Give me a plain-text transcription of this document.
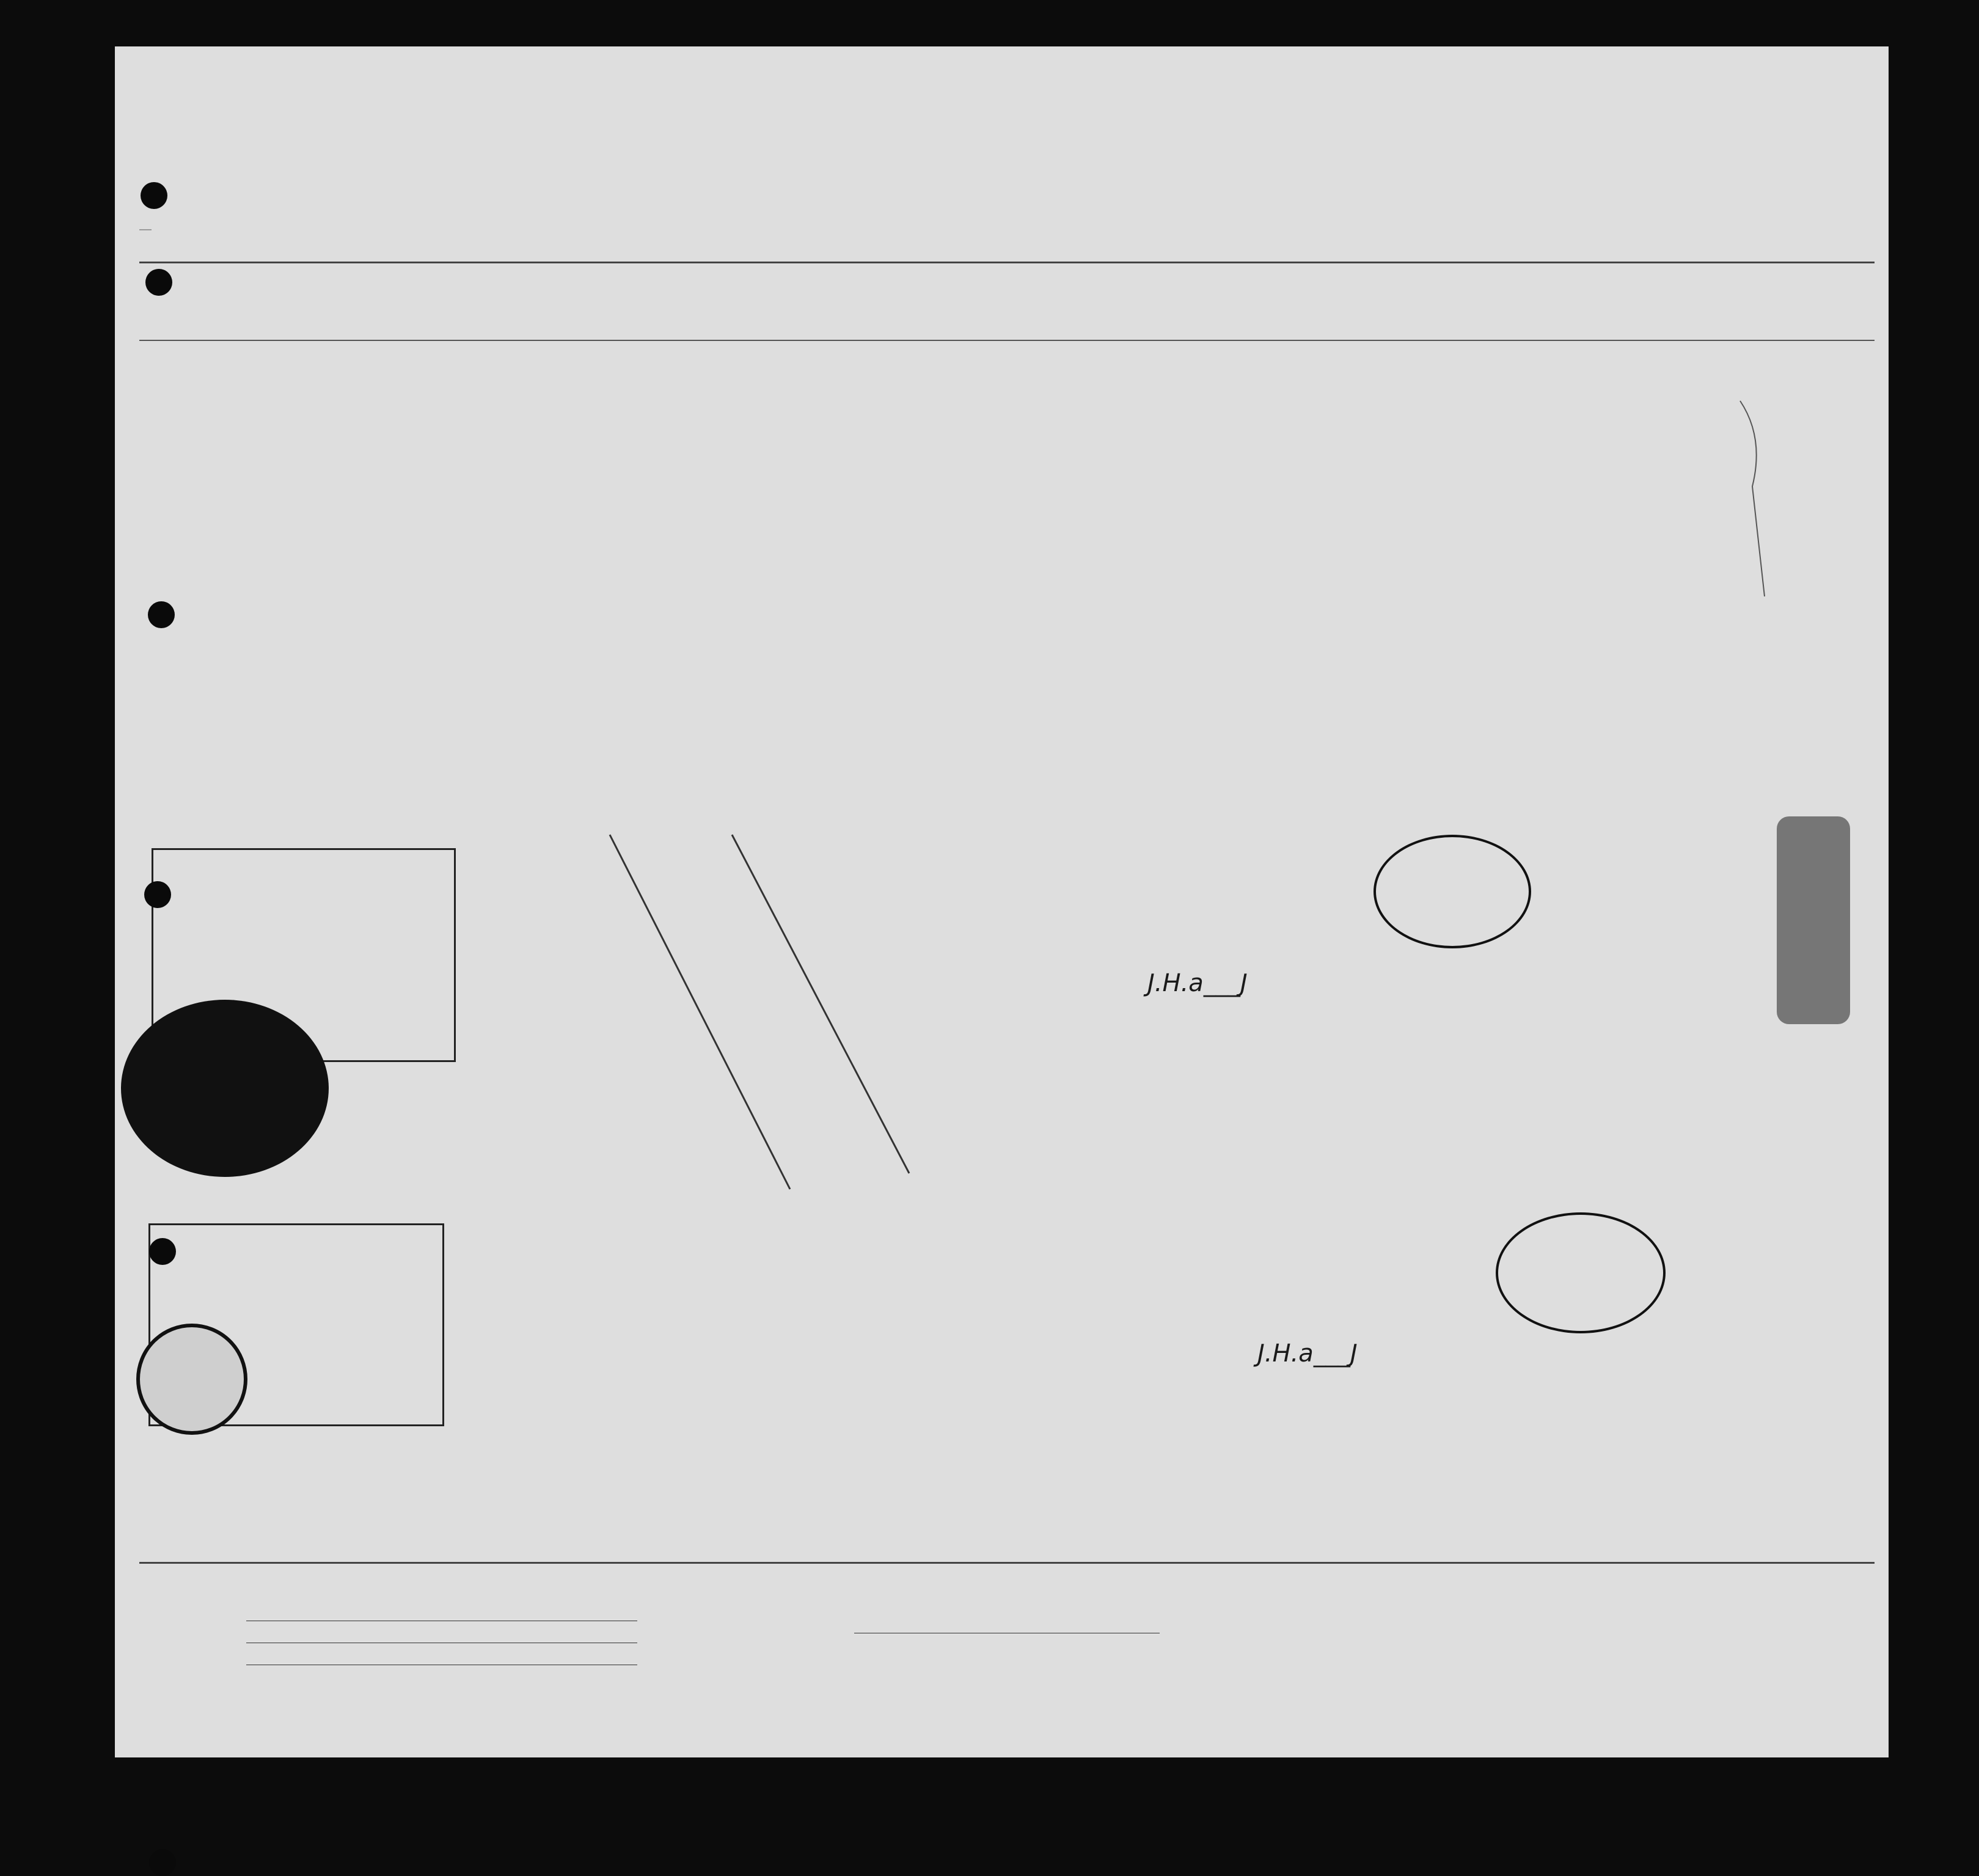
J.H.a___J
J.H.a___J
